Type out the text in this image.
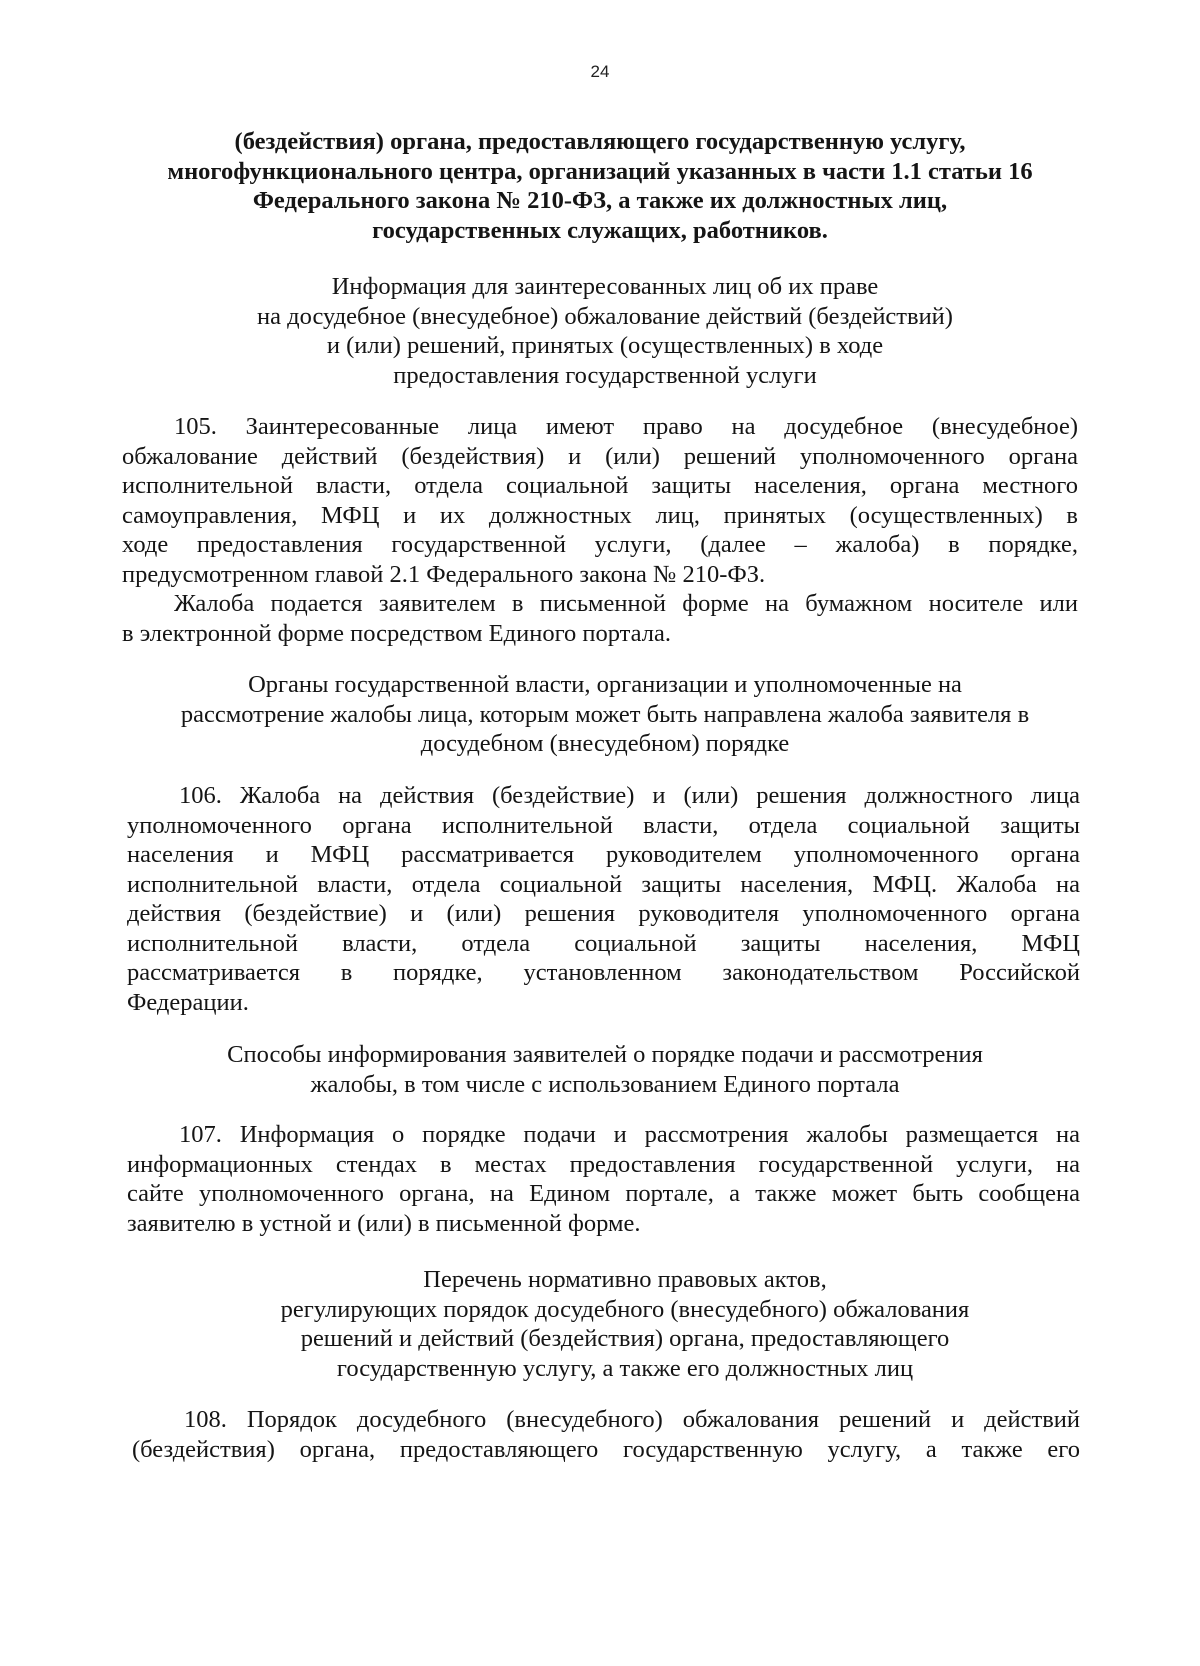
24
(бездействия) органа, предоставляющего государственную услугу,
многофункционального центра, организаций указанных в части 1.1 статьи 16
Федерального закона № 210-ФЗ, а также их должностных лиц,
государственных служащих, работников.
Информация для заинтересованных лиц об их праве
на досудебное (внесудебное) обжалование действий (бездействий)
и (или) решений, принятых (осуществленных) в ходе
предоставления государственной услуги
105. Заинтересованные лица имеют право на досудебное (внесудебное)
обжалование действий (бездействия) и (или) решений уполномоченного органа
исполнительной власти, отдела социальной защиты населения, органа местного
самоуправления, МФЦ и их должностных лиц, принятых (осуществленных) в
ходе предоставления государственной услуги, (далее – жалоба) в порядке,
предусмотренном главой 2.1 Федерального закона № 210-ФЗ.
Жалоба подается заявителем в письменной форме на бумажном носителе или
в электронной форме посредством Единого портала.
Органы государственной власти, организации и уполномоченные на
рассмотрение жалобы лица, которым может быть направлена жалоба заявителя в
досудебном (внесудебном) порядке
106. Жалоба на действия (бездействие) и (или) решения должностного лица
уполномоченного органа исполнительной власти, отдела социальной защиты
населения и МФЦ рассматривается руководителем уполномоченного органа
исполнительной власти, отдела социальной защиты населения, МФЦ. Жалоба на
действия (бездействие) и (или) решения руководителя уполномоченного органа
исполнительной власти, отдела социальной защиты населения, МФЦ
рассматривается в порядке, установленном законодательством Российской
Федерации.
Способы информирования заявителей о порядке подачи и рассмотрения
жалобы, в том числе с использованием Единого портала
107. Информация о порядке подачи и рассмотрения жалобы размещается на
информационных стендах в местах предоставления государственной услуги, на
сайте уполномоченного органа, на Едином портале, а также может быть сообщена
заявителю в устной и (или) в письменной форме.
Перечень нормативно правовых актов,
регулирующих порядок досудебного (внесудебного) обжалования
решений и действий (бездействия) органа, предоставляющего
государственную услугу, а также его должностных лиц
108. Порядок досудебного (внесудебного) обжалования решений и действий
(бездействия) органа, предоставляющего государственную услугу, а также его
